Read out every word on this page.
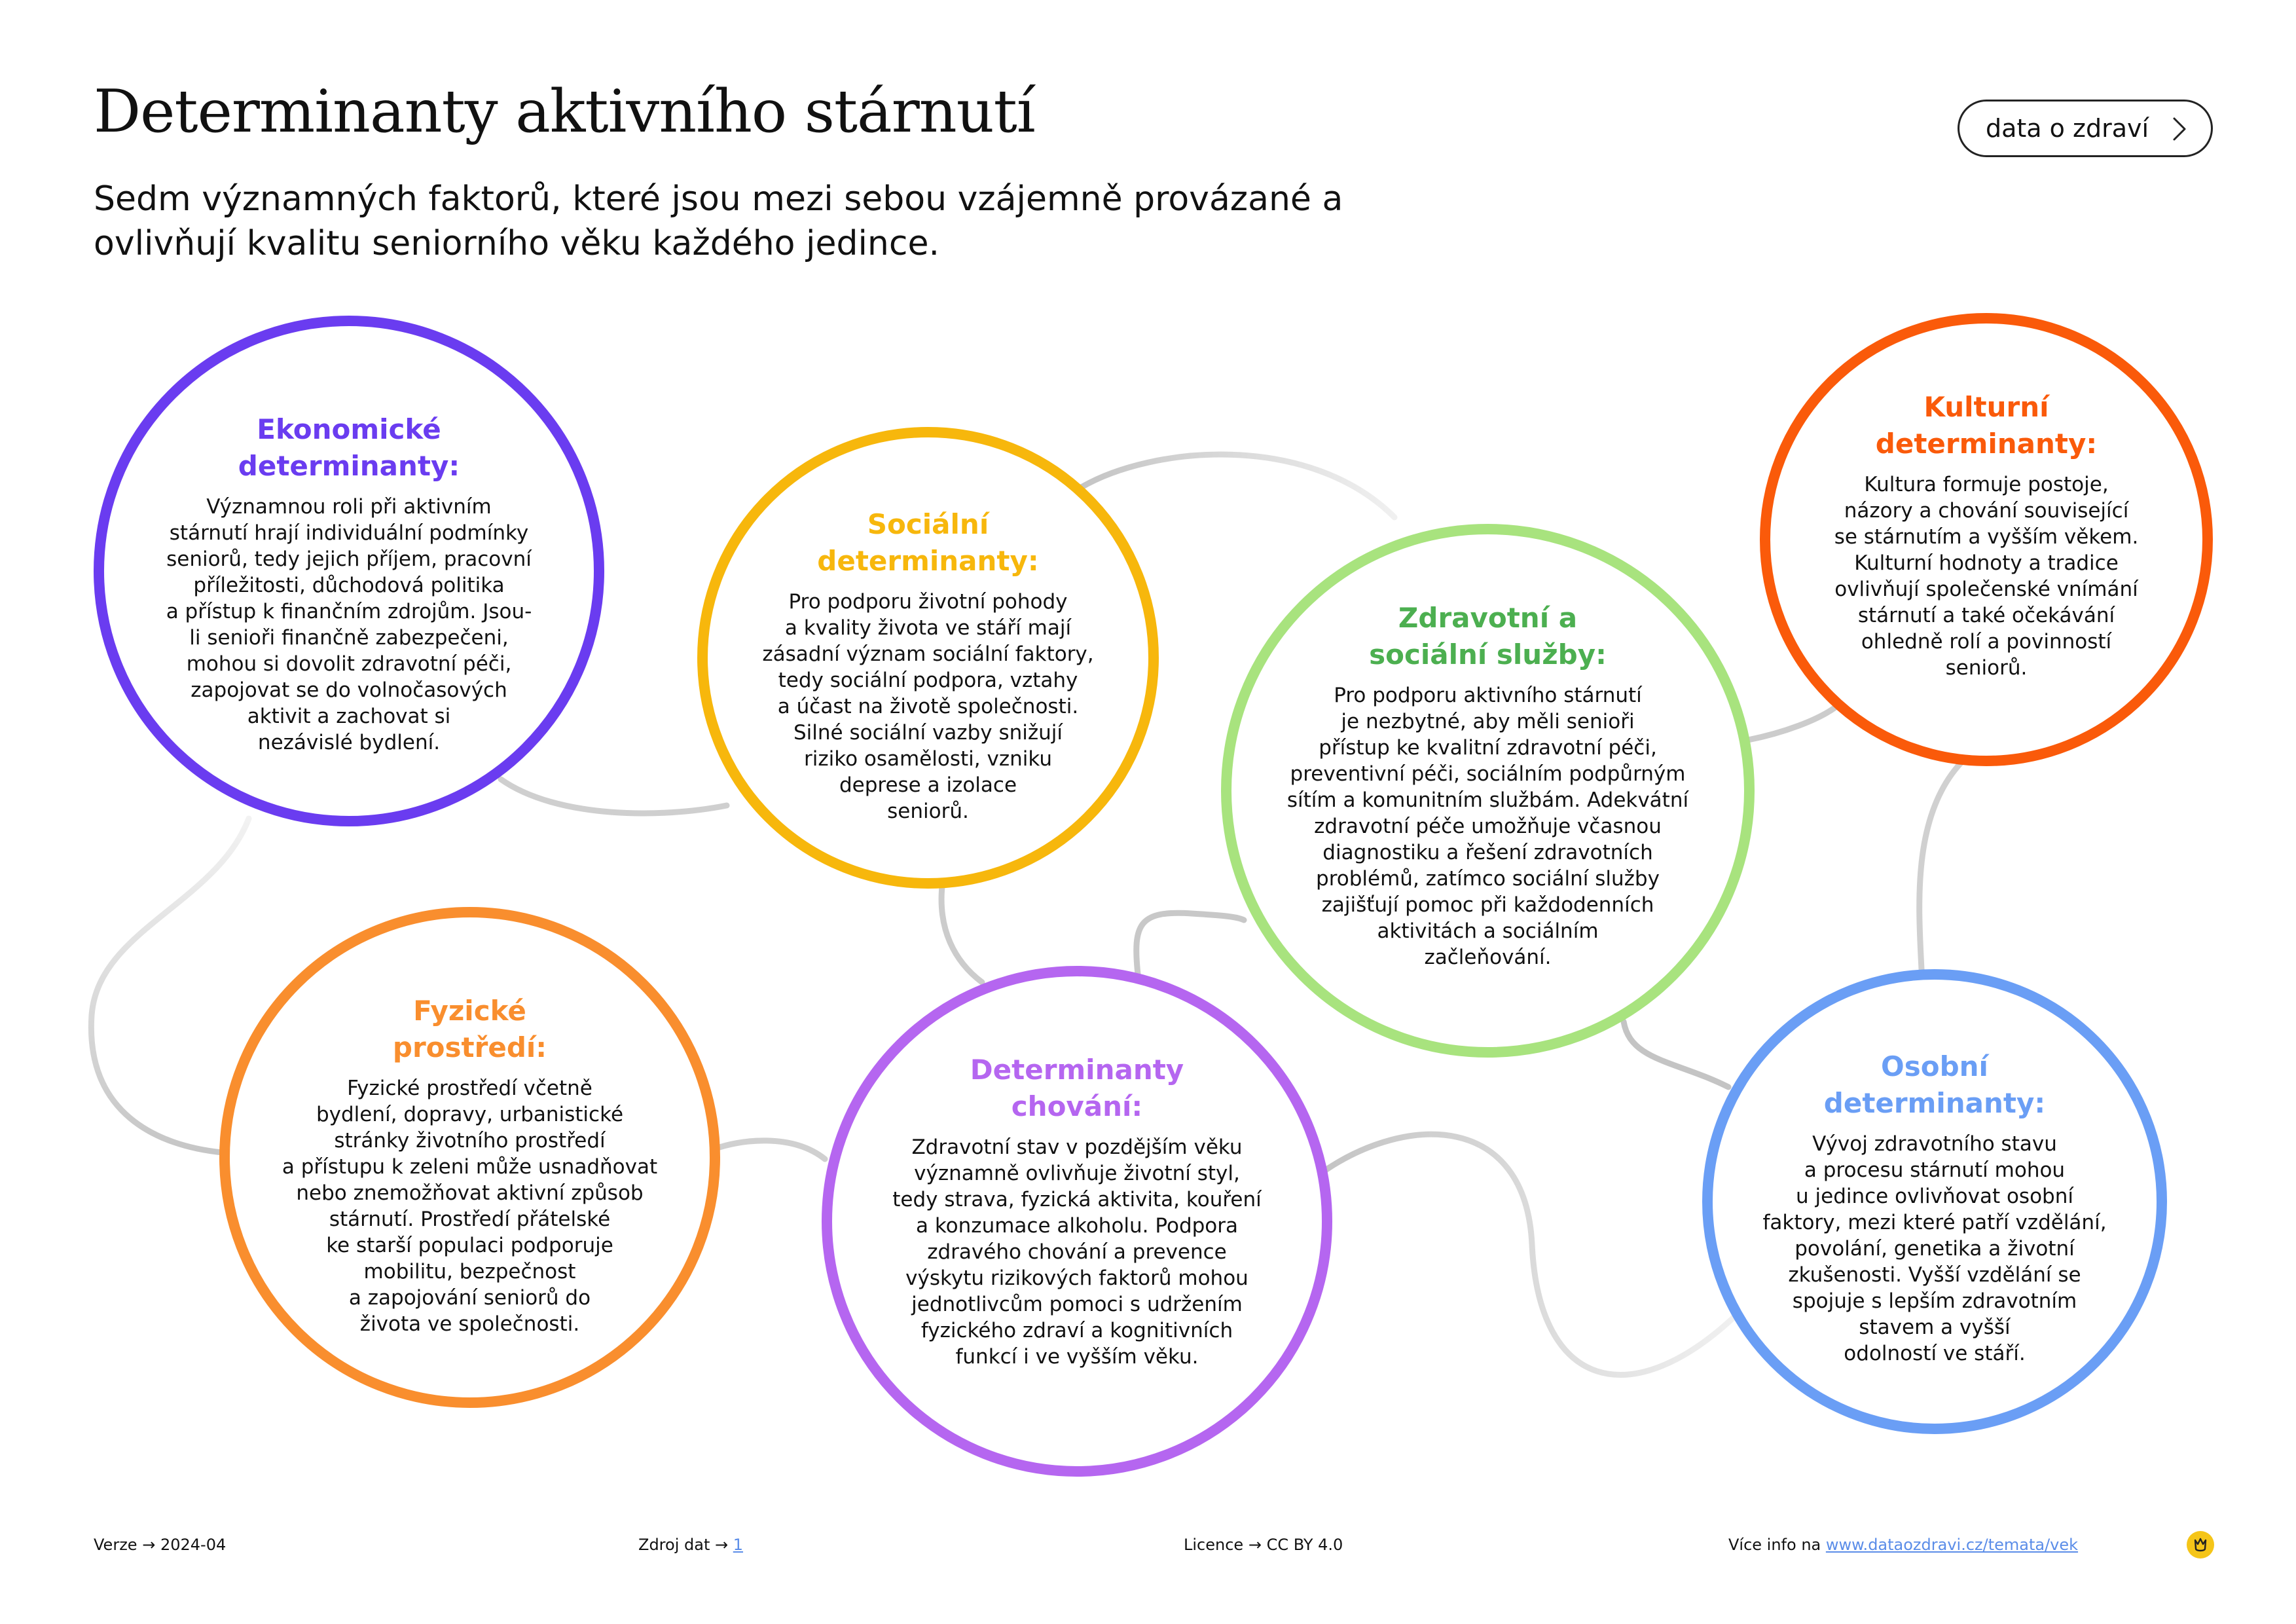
Determinanty aktivního stárnutí
Sedm významných faktorů, které jsou mezi sebou vzájemně provázané a ovlivňují kvalitu seniorního věku každého jedince.
data o zdraví
Ekonomické determinanty:
Významnou roli při aktivním
stárnutí hrají individuální podmínky
seniorů, tedy jejich příjem, pracovní
příležitosti, důchodová politika
a přístup k finančním zdrojům. Jsou-
li senioři finančně zabezpečeni,
mohou si dovolit zdravotní péči,
zapojovat se do volnočasových
aktivit a zachovat si
nezávislé bydlení.
Sociální determinanty:
Pro podporu životní pohody
a kvality života ve stáří mají
zásadní význam sociální faktory,
tedy sociální podpora, vztahy
a účast na životě společnosti.
Silné sociální vazby snižují
riziko osamělosti, vzniku
deprese a izolace
seniorů.
Zdravotní a sociální služby:
Pro podporu aktivního stárnutí
je nezbytné, aby měli senioři
přístup ke kvalitní zdravotní péči,
preventivní péči, sociálním podpůrným
sítím a komunitním službám. Adekvátní
zdravotní péče umožňuje včasnou
diagnostiku a řešení zdravotních
problémů, zatímco sociální služby
zajišťují pomoc při každodenních
aktivitách a sociálním
začleňování.
Kulturní determinanty:
Kultura formuje postoje,
názory a chování související
se stárnutím a vyšším věkem.
Kulturní hodnoty a tradice
ovlivňují společenské vnímání
stárnutí a také očekávání
ohledně rolí a povinností
seniorů.
Fyzické prostředí:
Fyzické prostředí včetně
bydlení, dopravy, urbanistické
stránky životního prostředí
a přístupu k zeleni může usnadňovat
nebo znemožňovat aktivní způsob
stárnutí. Prostředí přátelské
ke starší populaci podporuje
mobilitu, bezpečnost
a zapojování seniorů do
života ve společnosti.
Determinanty chování:
Zdravotní stav v pozdějším věku
významně ovlivňuje životní styl,
tedy strava, fyzická aktivita, kouření
a konzumace alkoholu. Podpora
zdravého chování a prevence
výskytu rizikových faktorů mohou
jednotlivcům pomoci s udržením
fyzického zdraví a kognitivních
funkcí i ve vyšším věku.
Osobní determinanty:
Vývoj zdravotního stavu
a procesu stárnutí mohou
u jedince ovlivňovat osobní
faktory, mezi které patří vzdělání,
povolání, genetika a životní
zkušenosti. Vyšší vzdělání se
spojuje s lepším zdravotním
stavem a vyšší
odolností ve stáří.
Verze → 2024-04	Zdroj dat → 1	Licence → CC BY 4.0	Více info na www.dataozdravi.cz/temata/vek
